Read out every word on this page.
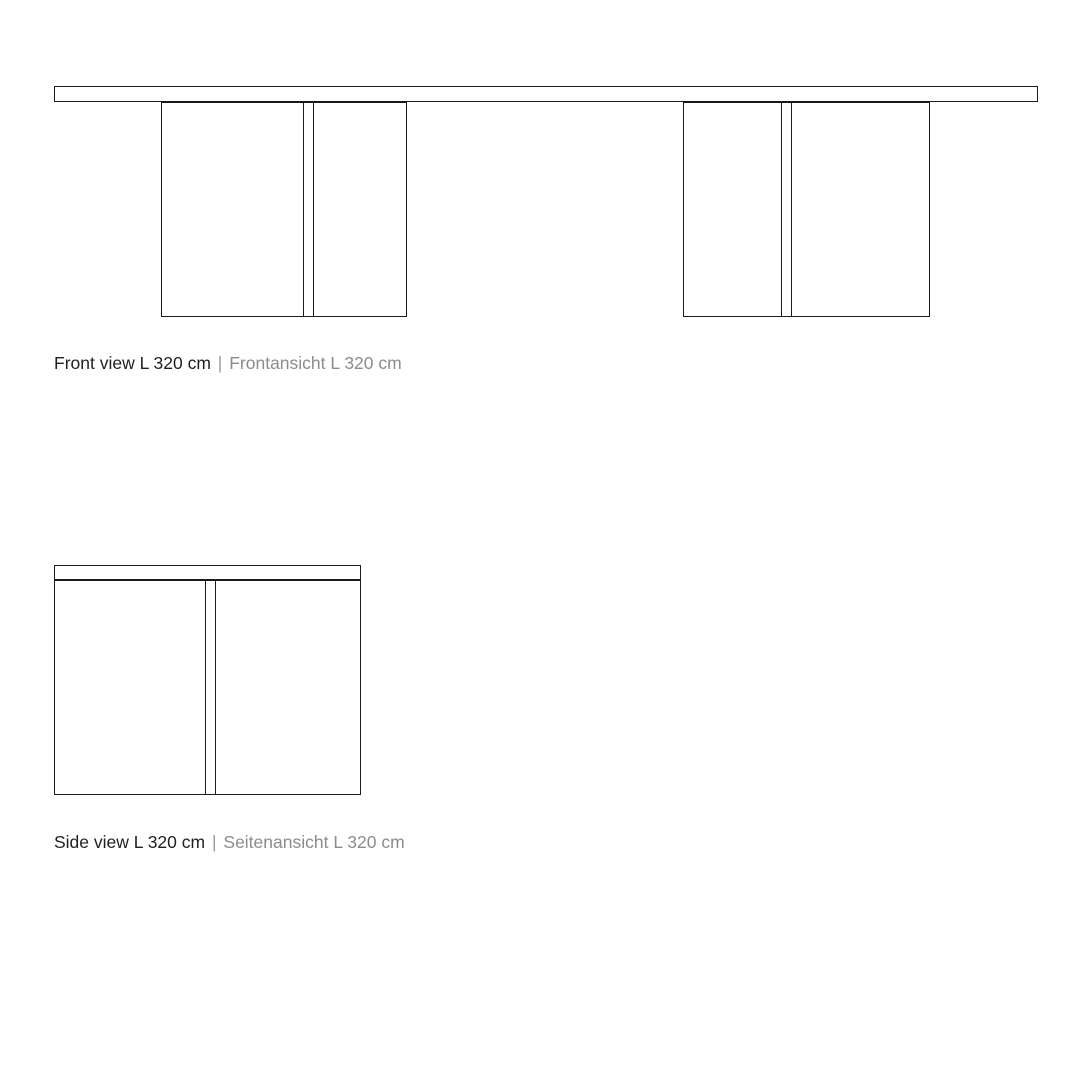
Front view L 320 cm | Frontansicht L 320 cm
Side view L 320 cm | Seitenansicht L 320 cm
